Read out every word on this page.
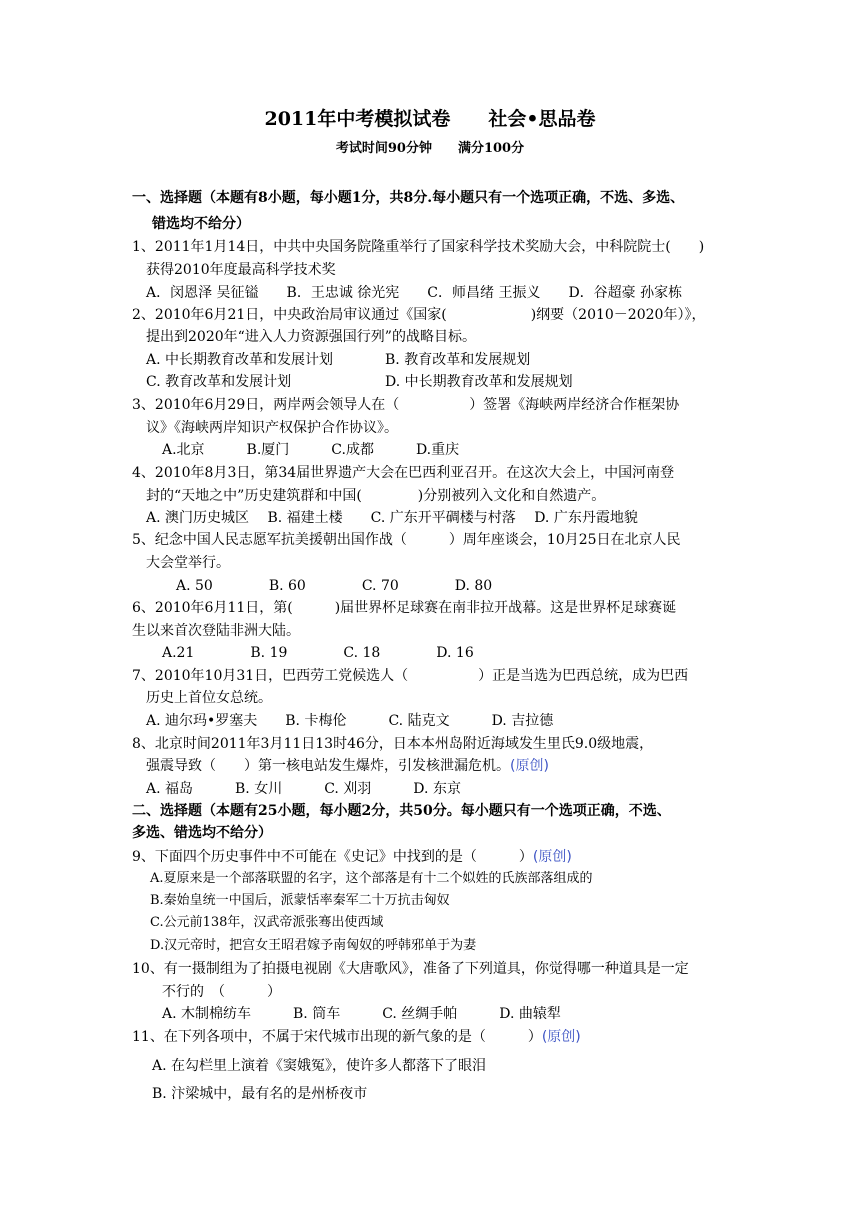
2011年中考模拟试卷　　社会•思品卷
考试时间90分钟　　满分100分
一、选择题（本题有8小题，每小题1分，共8分.每小题只有一个选项正确，不选、多选、
错选均不给分）
1、2011年1月14日，中共中央国务院隆重举行了国家科学技术奖励大会，中科院院士(　　)
获得2010年度最高科学技术奖
A．闵恩泽 吴征镒　　B．王忠诚 徐光宪　　C．师昌绪 王振义　　D．谷超豪 孙家栋
2、2010年6月21日，中央政治局审议通过《国家(　　　　　　)纲要（2010－2020年）》，
提出到2020年“进入人力资源强国行列”的战略目标。
A. 中长期教育改革和发展计划	B. 教育改革和发展规划
C. 教育改革和发展计划	D. 中长期教育改革和发展规划
3、2010年6月29日，两岸两会领导人在（　　　　　）签署《海峡两岸经济合作框架协
议》《海峡两岸知识产权保护合作协议》。
A.北京　　　B.厦门　　　C.成都　　　D.重庆
4、2010年8月3日，第34届世界遗产大会在巴西利亚召开。在这次大会上，中国河南登
封的“天地之中”历史建筑群和中国(　　　　)分别被列入文化和自然遗产。
A. 澳门历史城区　 B. 福建土楼　　C. 广东开平碉楼与村落　 D. 广东丹霞地貌
5、纪念中国人民志愿军抗美援朝出国作战（　　　）周年座谈会，10月25日在北京人民
大会堂举行。
A. 50　　　　B. 60　　　　C. 70　　　　D. 80
6、2010年6月11日，第(　　　)届世界杯足球赛在南非拉开战幕。这是世界杯足球赛诞
生以来首次登陆非洲大陆。
A.21　　　　B. 19　　　　C. 18　　　　D. 16
7、2010年10月31日，巴西劳工党候选人（　　　　　）正是当选为巴西总统，成为巴西
历史上首位女总统。
A. 迪尔玛•罗塞夫　　B. 卡梅伦　　　C. 陆克文　　　D. 吉拉德
8、北京时间2011年3月11日13时46分，日本本州岛附近海域发生里氏9.0级地震，
强震导致（　　）第一核电站发生爆炸，引发核泄漏危机。(原创)
A. 福岛　　　B. 女川　　　C. 刈羽　　　D. 东京
二、选择题（本题有25小题，每小题2分，共50分。每小题只有一个选项正确，不选、
多选、错选均不给分）
9、下面四个历史事件中不可能在《史记》中找到的是（　　　）(原创)
A.夏原来是一个部落联盟的名字，这个部落是有十二个姒姓的氏族部落组成的
B.秦始皇统一中国后，派蒙恬率秦军二十万抗击匈奴
C.公元前138年，汉武帝派张骞出使西域
D.汉元帝时，把宫女王昭君嫁予南匈奴的呼韩邪单于为妻
10、有一摄制组为了拍摄电视剧《大唐歌风》，准备了下列道具，你觉得哪一种道具是一定
不行的　（　　　）
A. 木制棉纺车　　　B. 筒车　　　C. 丝绸手帕　　　D. 曲辕犁
11、在下列各项中，不属于宋代城市出现的新气象的是（　　　）(原创)
A. 在勾栏里上演着《窦娥冤》，使许多人都落下了眼泪
B. 汴梁城中，最有名的是州桥夜市
